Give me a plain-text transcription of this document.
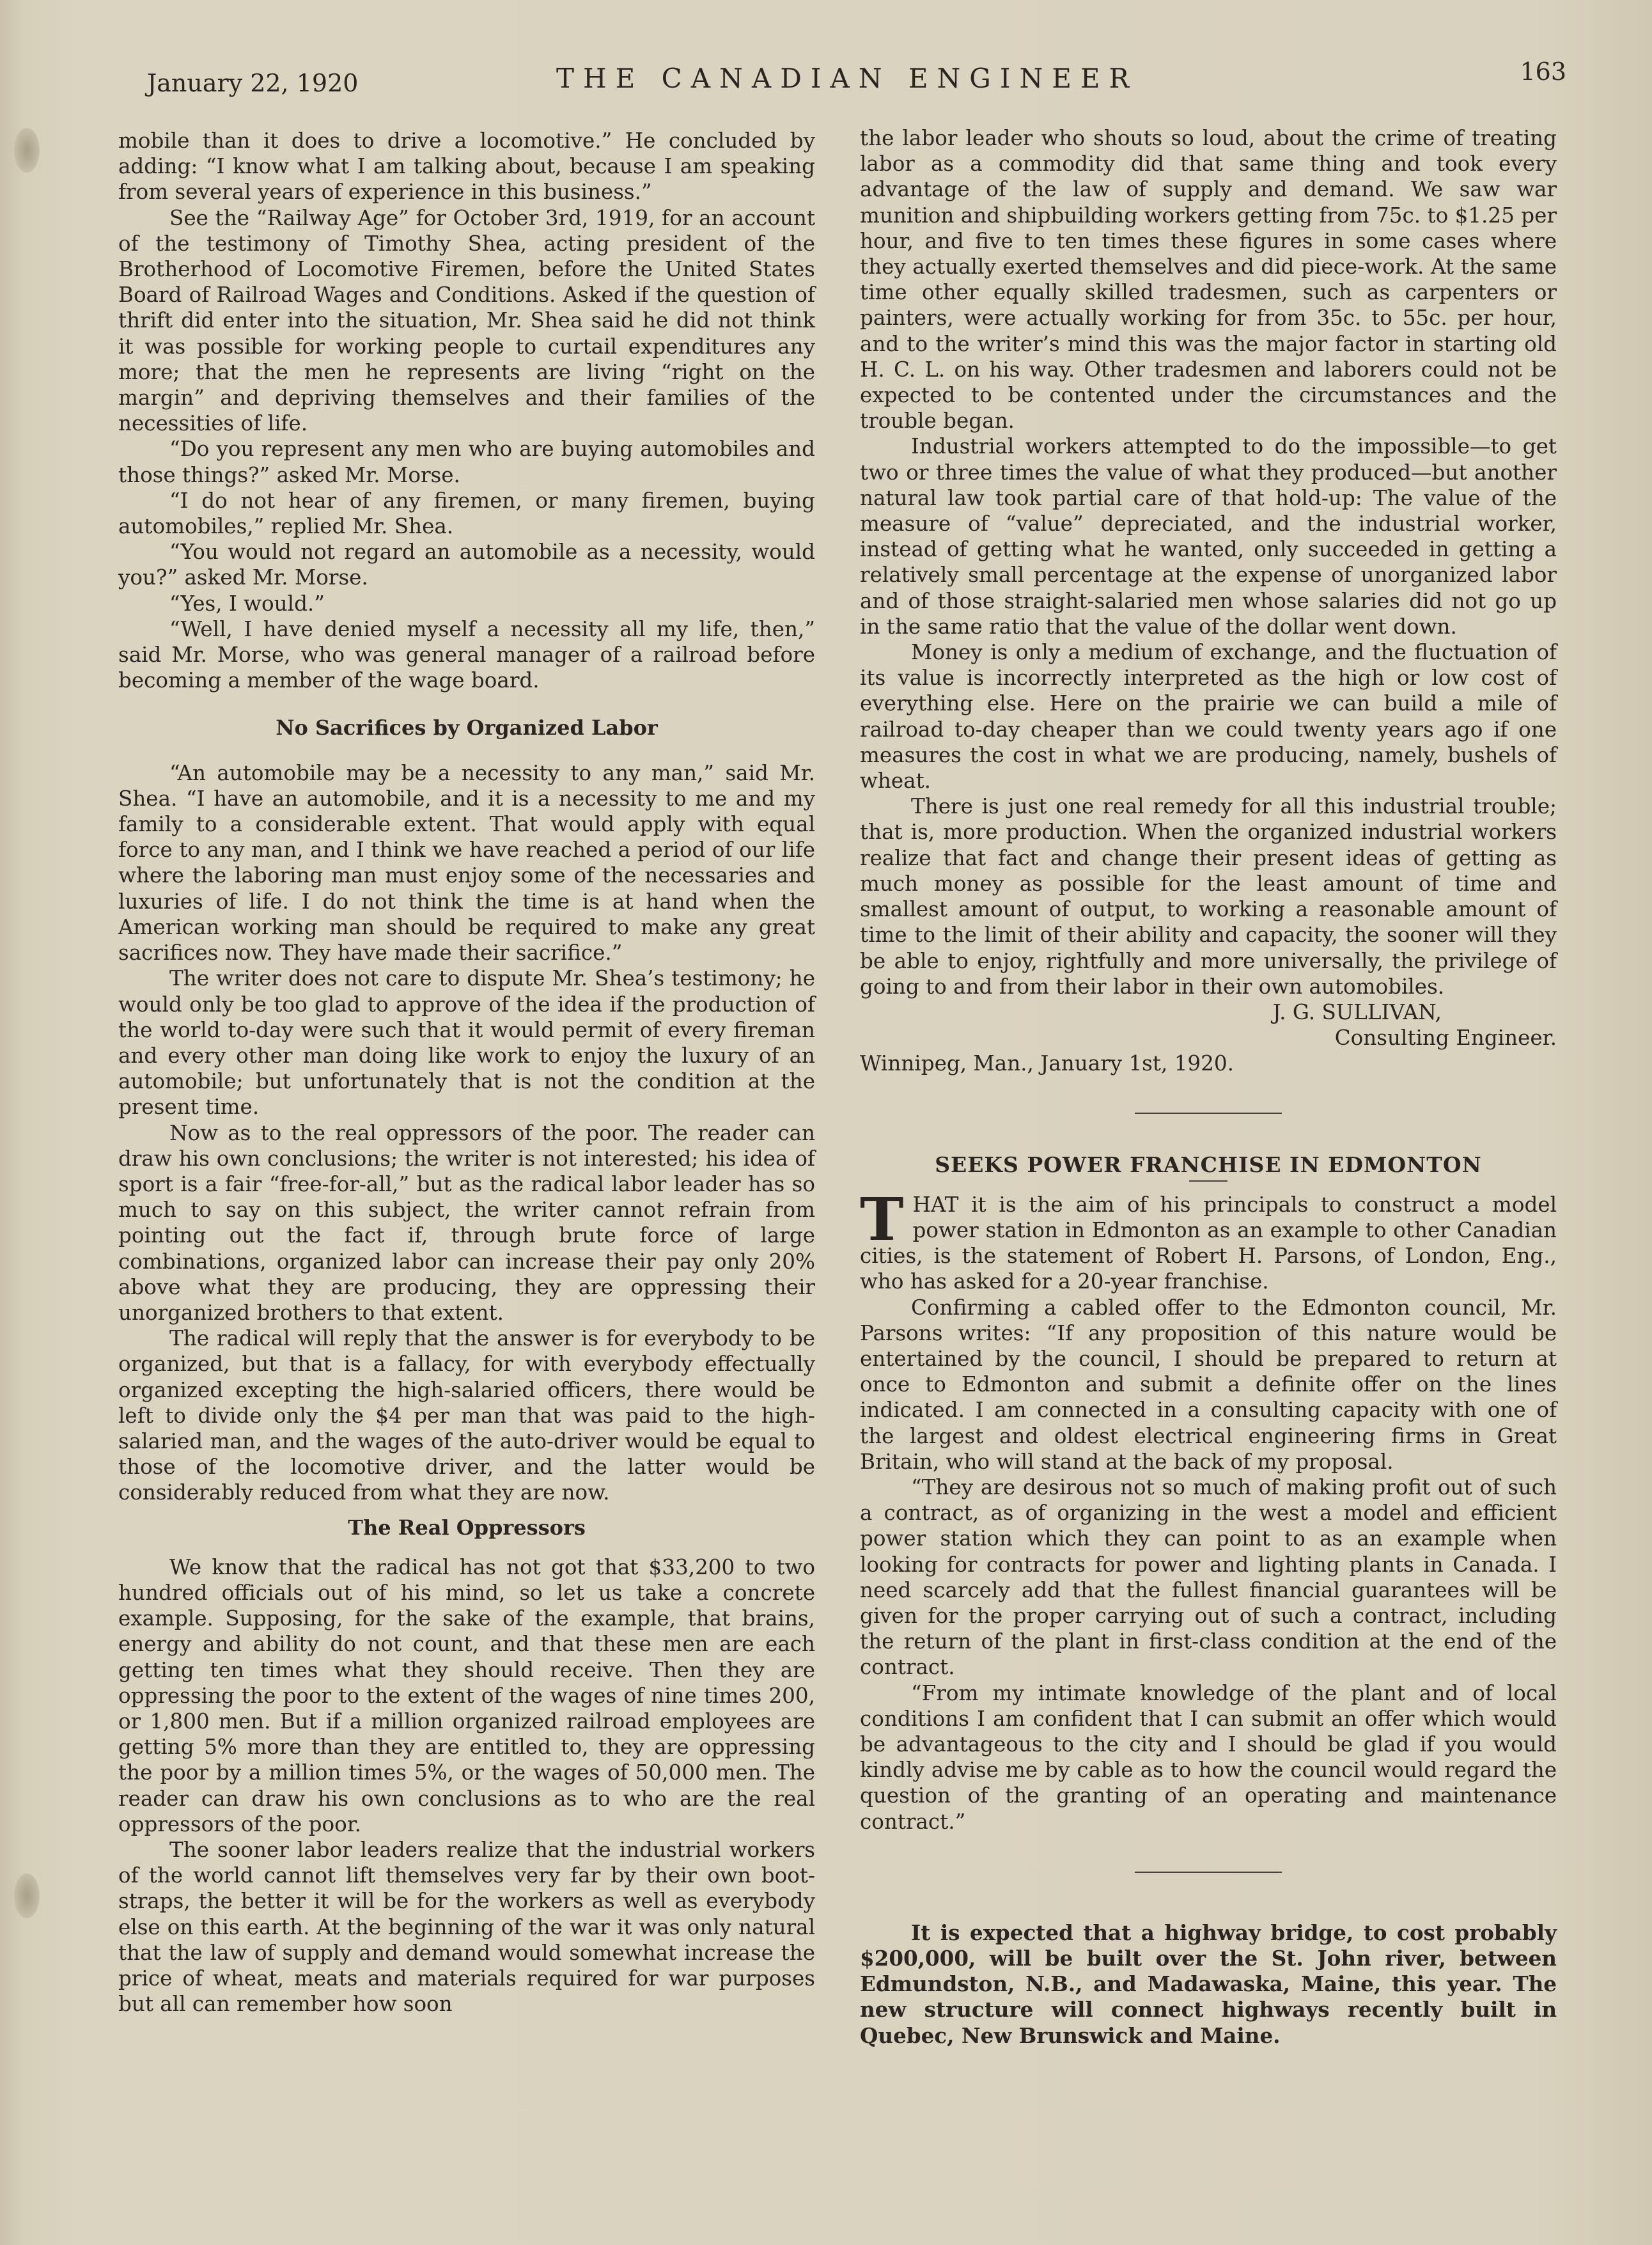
January 22, 1920	THE CANADIAN ENGINEER	163

mobile than it does to drive a locomotive.” He concluded by adding: “I know what I am talking about, because I am speaking from several years of experience in this business.”

See the “Railway Age” for October 3rd, 1919, for an account of the testimony of Timothy Shea, acting president of the Brotherhood of Locomotive Firemen, before the United States Board of Railroad Wages and Conditions. Asked if the question of thrift did enter into the situation, Mr. Shea said he did not think it was possible for working people to curtail expenditures any more; that the men he represents are living “right on the margin” and depriving themselves and their families of the necessities of life.

“Do you represent any men who are buying automobiles and those things?” asked Mr. Morse.

“I do not hear of any firemen, or many firemen, buying automobiles,” replied Mr. Shea.

“You would not regard an automobile as a necessity, would you?” asked Mr. Morse.

“Yes, I would.”

“Well, I have denied myself a necessity all my life, then,” said Mr. Morse, who was general manager of a railroad before becoming a member of the wage board.

No Sacrifices by Organized Labor

“An automobile may be a necessity to any man,” said Mr. Shea. “I have an automobile, and it is a necessity to me and my family to a considerable extent. That would apply with equal force to any man, and I think we have reached a period of our life where the laboring man must enjoy some of the necessaries and luxuries of life. I do not think the time is at hand when the American working man should be required to make any great sacrifices now. They have made their sacrifice.”

The writer does not care to dispute Mr. Shea’s testimony; he would only be too glad to approve of the idea if the production of the world to-day were such that it would permit of every fireman and every other man doing like work to enjoy the luxury of an automobile; but unfortunately that is not the condition at the present time.

Now as to the real oppressors of the poor. The reader can draw his own conclusions; the writer is not interested; his idea of sport is a fair “free-for-all,” but as the radical labor leader has so much to say on this subject, the writer cannot refrain from pointing out the fact if, through brute force of large combinations, organized labor can increase their pay only 20% above what they are producing, they are oppressing their unorganized brothers to that extent.

The radical will reply that the answer is for everybody to be organized, but that is a fallacy, for with everybody effectually organized excepting the high-salaried officers, there would be left to divide only the $4 per man that was paid to the high-salaried man, and the wages of the auto-driver would be equal to those of the locomotive driver, and the latter would be considerably reduced from what they are now.

The Real Oppressors

We know that the radical has not got that $33,200 to two hundred officials out of his mind, so let us take a concrete example. Supposing, for the sake of the example, that brains, energy and ability do not count, and that these men are each getting ten times what they should receive. Then they are oppressing the poor to the extent of the wages of nine times 200, or 1,800 men. But if a million organized railroad employees are getting 5% more than they are entitled to, they are oppressing the poor by a million times 5%, or the wages of 50,000 men. The reader can draw his own conclusions as to who are the real oppressors of the poor.

The sooner labor leaders realize that the industrial workers of the world cannot lift themselves very far by their own boot-straps, the better it will be for the workers as well as everybody else on this earth. At the beginning of the war it was only natural that the law of supply and demand would somewhat increase the price of wheat, meats and materials required for war purposes but all can remember how soon

the labor leader who shouts so loud, about the crime of treating labor as a commodity did that same thing and took every advantage of the law of supply and demand. We saw war munition and shipbuilding workers getting from 75c. to $1.25 per hour, and five to ten times these figures in some cases where they actually exerted themselves and did piece-work. At the same time other equally skilled tradesmen, such as carpenters or painters, were actually working for from 35c. to 55c. per hour, and to the writer’s mind this was the major factor in starting old H. C. L. on his way. Other tradesmen and laborers could not be expected to be contented under the circumstances and the trouble began.

Industrial workers attempted to do the impossible—to get two or three times the value of what they produced—but another natural law took partial care of that hold-up: The value of the measure of “value” depreciated, and the industrial worker, instead of getting what he wanted, only succeeded in getting a relatively small percentage at the expense of unorganized labor and of those straight-salaried men whose salaries did not go up in the same ratio that the value of the dollar went down.

Money is only a medium of exchange, and the fluctuation of its value is incorrectly interpreted as the high or low cost of everything else. Here on the prairie we can build a mile of railroad to-day cheaper than we could twenty years ago if one measures the cost in what we are producing, namely, bushels of wheat.

There is just one real remedy for all this industrial trouble; that is, more production. When the organized industrial workers realize that fact and change their present ideas of getting as much money as possible for the least amount of time and smallest amount of output, to working a reasonable amount of time to the limit of their ability and capacity, the sooner will they be able to enjoy, rightfully and more universally, the privilege of going to and from their labor in their own automobiles.

J. G. SULLIVAN,

Consulting Engineer.

Winnipeg, Man., January 1st, 1920.

SEEKS POWER FRANCHISE IN EDMONTON

THAT it is the aim of his principals to construct a model power station in Edmonton as an example to other Canadian cities, is the statement of Robert H. Parsons, of London, Eng., who has asked for a 20-year franchise.

Confirming a cabled offer to the Edmonton council, Mr. Parsons writes: “If any proposition of this nature would be entertained by the council, I should be prepared to return at once to Edmonton and submit a definite offer on the lines indicated. I am connected in a consulting capacity with one of the largest and oldest electrical engineering firms in Great Britain, who will stand at the back of my proposal.

“They are desirous not so much of making profit out of such a contract, as of organizing in the west a model and efficient power station which they can point to as an example when looking for contracts for power and lighting plants in Canada. I need scarcely add that the fullest financial guarantees will be given for the proper carrying out of such a contract, including the return of the plant in first-class condition at the end of the contract.

“From my intimate knowledge of the plant and of local conditions I am confident that I can submit an offer which would be advantageous to the city and I should be glad if you would kindly advise me by cable as to how the council would regard the question of the granting of an operating and maintenance contract.”

It is expected that a highway bridge, to cost probably $200,000, will be built over the St. John river, between Edmundston, N.B., and Madawaska, Maine, this year. The new structure will connect highways recently built in Quebec, New Brunswick and Maine.
